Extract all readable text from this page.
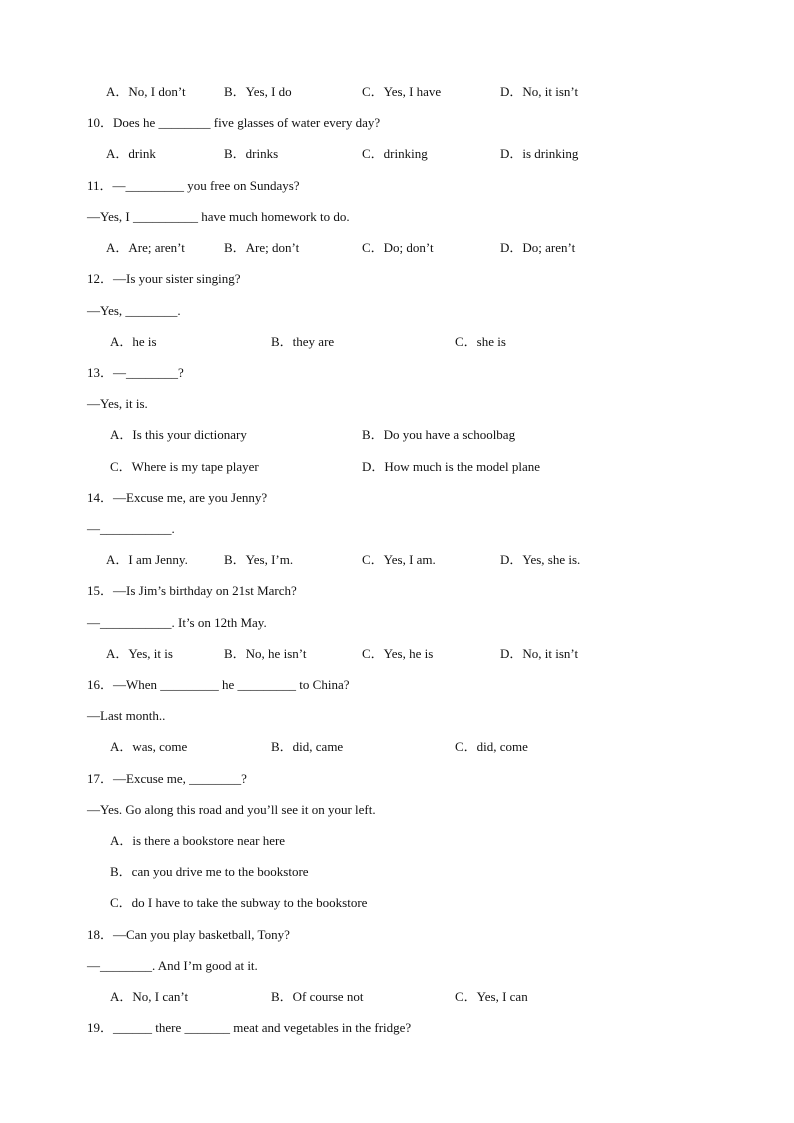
A．No, I don’t	B．Yes, I do	C．Yes, I have	D．No, it isn’t
10．Does he ________ five glasses of water every day?
A．drink	B．drinks	C．drinking	D．is drinking
11．—_________ you free on Sundays?
—Yes, I __________ have much homework to do.
A．Are; aren’t	B．Are; don’t	C．Do; don’t	D．Do; aren’t
12．—Is your sister singing?
—Yes, ________.
A．he is	B．they are	C．she is
13．—________?
—Yes, it is.
A．Is this your dictionary	B．Do you have a schoolbag
C．Where is my tape player	D．How much is the model plane
14．—Excuse me, are you Jenny?
—___________.
A．I am Jenny.	B．Yes, I’m.	C．Yes, I am.	D．Yes, she is.
15．—Is Jim’s birthday on 21st March?
—___________. It’s on 12th May.
A．Yes, it is	B．No, he isn’t	C．Yes, he is	D．No, it isn’t
16．—When _________ he _________ to China?
—Last month..
A．was, come	B．did, came	C．did, come
17．—Excuse me, ________?
—Yes. Go along this road and you’ll see it on your left.
A．is there a bookstore near here
B．can you drive me to the bookstore
C．do I have to take the subway to the bookstore
18．—Can you play basketball, Tony?
—________. And I’m good at it.
A．No, I can’t	B．Of course not	C．Yes, I can
19．______ there _______ meat and vegetables in the fridge?
